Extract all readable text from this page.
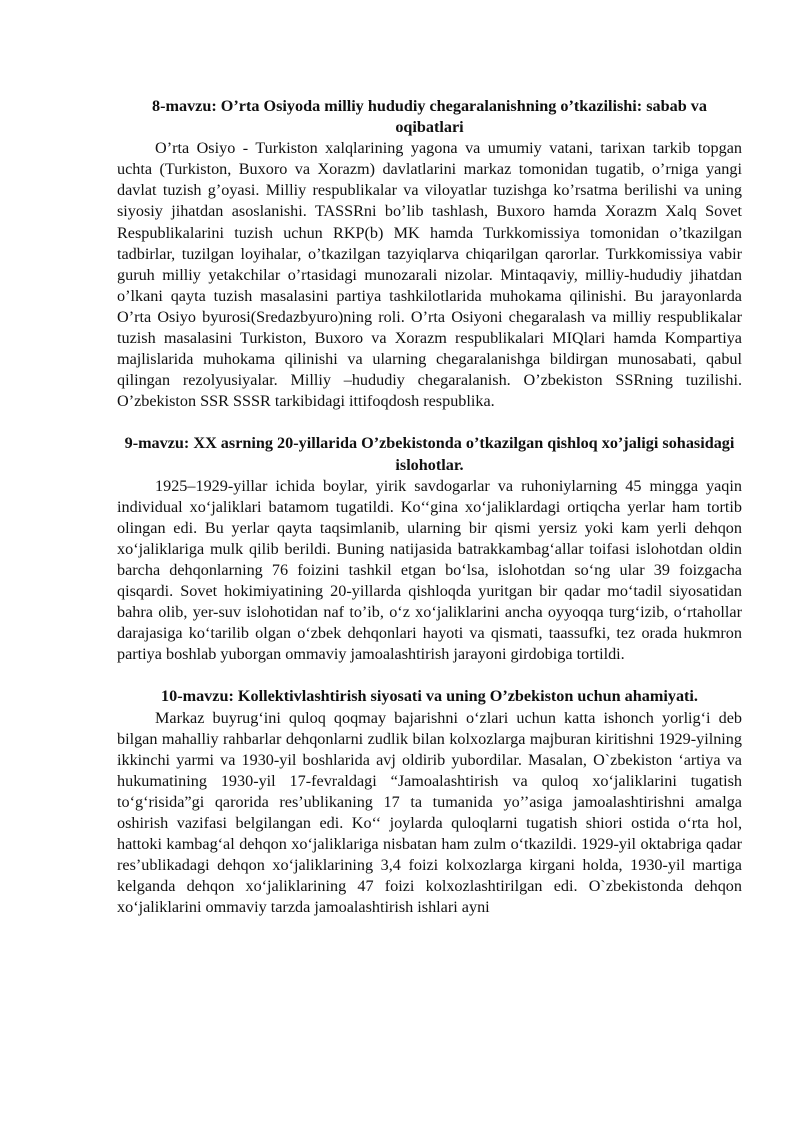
8-mavzu: O’rta Osiyoda milliy hududiy chegaralanishning o’tkazilishi: sabab va oqibatlari

O’rta Osiyo - Turkiston xalqlarining yagona va umumiy vatani, tarixan tarkib topgan uchta (Turkiston, Buxoro va Xorazm) davlatlarini markaz tomonidan tugatib, o’rniga yangi davlat tuzish g’oyasi. Milliy respublikalar va viloyatlar tuzishga ko’rsatma berilishi va uning siyosiy jihatdan asoslanishi. TASSRni bo’lib tashlash, Buxoro hamda Xorazm Xalq Sovet Respublikalarini tuzish uchun RKP(b) MK hamda Turkkomissiya tomonidan o’tkazilgan tadbirlar, tuzilgan loyihalar, o’tkazilgan tazyiqlarva chiqarilgan qarorlar. Turkkomissiya vabir guruh milliy yetakchilar o’rtasidagi munozarali nizolar. Mintaqaviy, milliy-hududiy jihatdan o’lkani qayta tuzish masalasini partiya tashkilotlarida muhokama qilinishi. Bu jarayonlarda O’rta Osiyo byurosi(Sredazbyuro)ning roli. O’rta Osiyoni chegaralash va milliy respublikalar tuzish masalasini Turkiston, Buxoro va Xorazm respublikalari MIQlari hamda Kompartiya majlislarida muhokama qilinishi va ularning chegaralanishga bildirgan munosabati, qabul qilingan rezolyusiyalar. Milliy –hududiy chegaralanish. O’zbekiston SSRning tuzilishi. O’zbekiston SSR SSSR tarkibidagi ittifoqdosh respublika.

9-mavzu: XX asrning 20-yillarida O’zbekistonda o’tkazilgan qishloq xo’jaligi sohasidagi islohotlar.

1925–1929-yillar ichida boylar, yirik savdogarlar va ruhoniylarning 45 mingga yaqin individual xo‘jaliklari batamom tugatildi. Ko‘‘gina xo‘jaliklardagi ortiqcha yerlar ham tortib olingan edi. Bu yerlar qayta taqsimlanib, ularning bir qismi yersiz yoki kam yerli dehqon xo‘jaliklariga mulk qilib berildi. Buning natijasida batrakkambag‘allar toifasi islohotdan oldin barcha dehqonlarning 76 foizini tashkil etgan bo‘lsa, islohotdan so‘ng ular 39 foizgacha qisqardi. Sovet hokimiyatining 20-yillarda qishloqda yuritgan bir qadar mo‘tadil siyosatidan bahra olib, yer-suv islohotidan naf to’ib, o‘z xo‘jaliklarini ancha oyyoqqa turg‘izib, o‘rtahollar darajasiga ko‘tarilib olgan o‘zbek dehqonlari hayoti va qismati, taassufki, tez orada hukmron partiya boshlab yuborgan ommaviy jamoalashtirish jarayoni girdobiga tortildi.

10-mavzu: Kollektivlashtirish siyosati va uning O’zbekiston uchun ahamiyati.

Markaz buyrug‘ini quloq qoqmay bajarishni o‘zlari uchun katta ishonch yorlig‘i deb bilgan mahalliy rahbarlar dehqonlarni zudlik bilan kolxozlarga majburan kiritishni 1929-yilning ikkinchi yarmi va 1930-yil boshlarida avj oldirib yubordilar. Masalan, O`zbekiston ‘artiya va hukumatining 1930-yil 17-fevraldagi “Jamoalashtirish va quloq xo‘jaliklarini tugatish to‘g‘risida”gi qarorida res’ublikaning 17 ta tumanida yo’’asiga jamoalashtirishni amalga oshirish vazifasi belgilangan edi. Ko‘‘ joylarda quloqlarni tugatish shiori ostida o‘rta hol, hattoki kambag‘al dehqon xo‘jaliklariga nisbatan ham zulm o‘tkazildi. 1929-yil oktabriga qadar res’ublikadagi dehqon xo‘jaliklarining 3,4 foizi kolxozlarga kirgani holda, 1930-yil martiga kelganda dehqon xo‘jaliklarining 47 foizi kolxozlashtirilgan edi. O`zbekistonda dehqon xo‘jaliklarini ommaviy tarzda jamoalashtirish ishlari ayni
